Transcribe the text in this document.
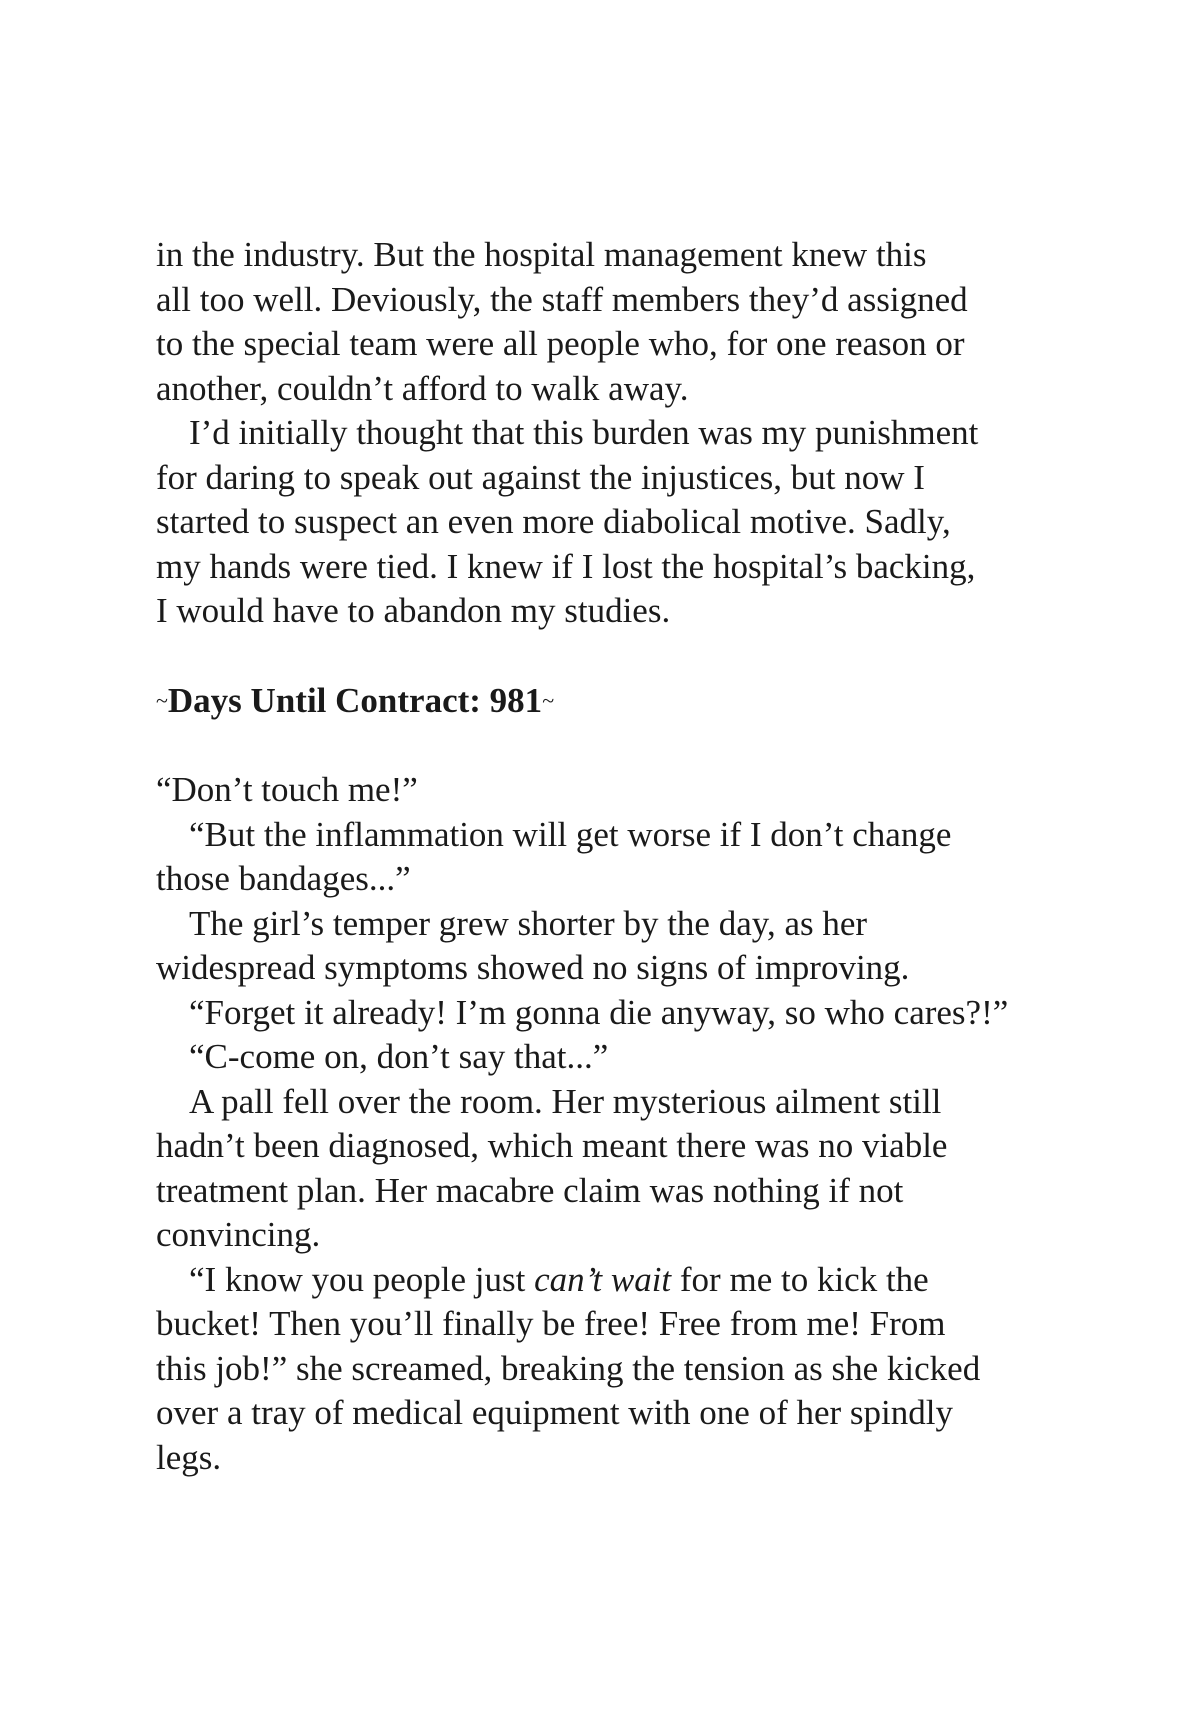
in the industry. But the hospital management knew this
all too well. Deviously, the staff members they’d assigned
to the special team were all people who, for one reason or
another, couldn’t afford to walk away.
I’d initially thought that this burden was my punishment
for daring to speak out against the injustices, but now I
started to suspect an even more diabolical motive. Sadly,
my hands were tied. I knew if I lost the hospital’s backing,
I would have to abandon my studies.
~Days Until Contract: 981~
“Don’t touch me!”
“But the inflammation will get worse if I don’t change
those bandages...”
The girl’s temper grew shorter by the day, as her
widespread symptoms showed no signs of improving.
“Forget it already! I’m gonna die anyway, so who cares?!”
“C-come on, don’t say that...”
A pall fell over the room. Her mysterious ailment still
hadn’t been diagnosed, which meant there was no viable
treatment plan. Her macabre claim was nothing if not
convincing.
“I know you people just can’t wait for me to kick the
bucket! Then you’ll finally be free! Free from me! From
this job!” she screamed, breaking the tension as she kicked
over a tray of medical equipment with one of her spindly
legs.
